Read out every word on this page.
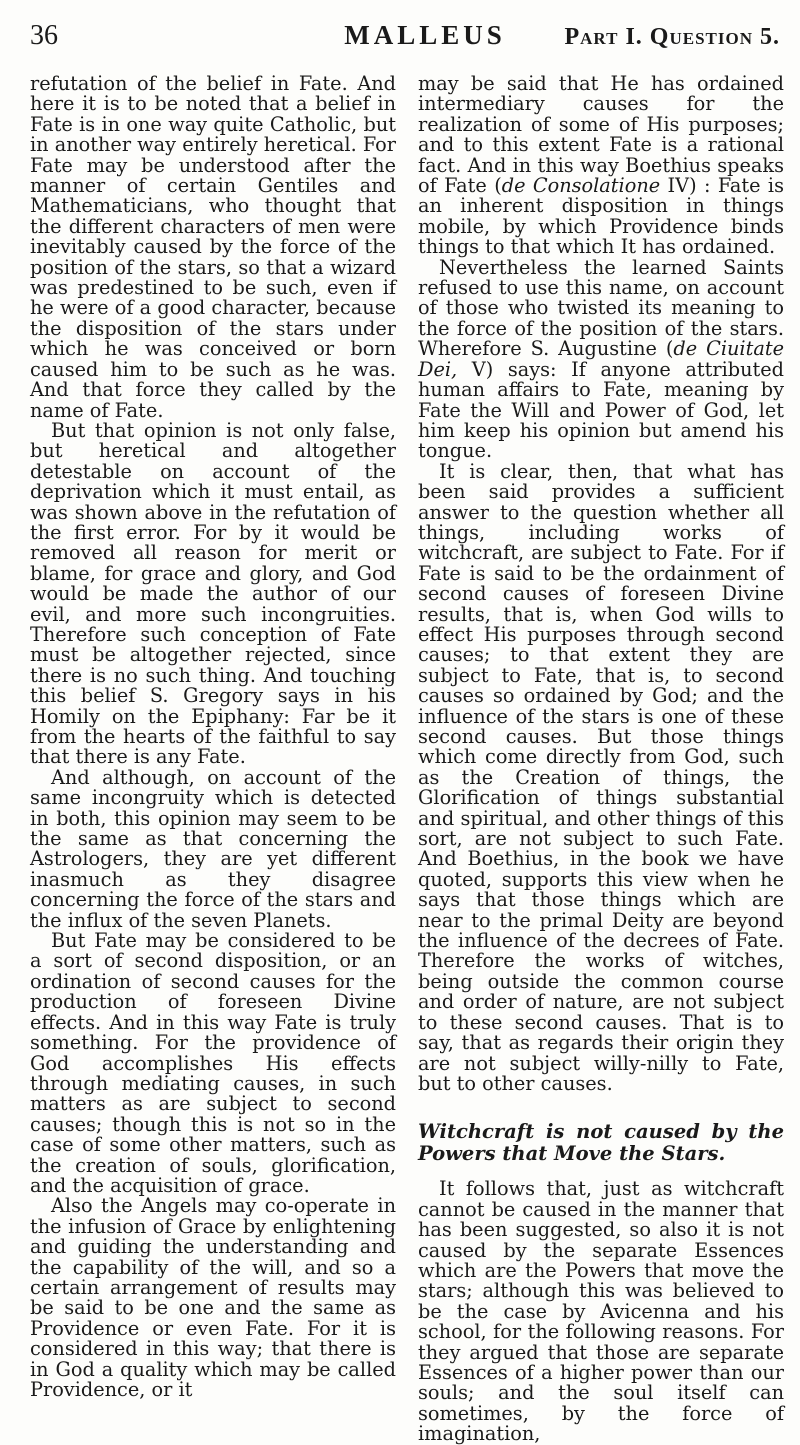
36	MALLEUS	Part I. Question 5.

refutation of the belief in Fate. And here it is to be noted that a belief in Fate is in one way quite Catholic, but in another way entirely heretical. For Fate may be understood after the manner of certain Gentiles and Mathematicians, who thought that the different characters of men were inevitably caused by the force of the position of the stars, so that a wizard was predestined to be such, even if he were of a good character, because the disposition of the stars under which he was conceived or born caused him to be such as he was. And that force they called by the name of Fate.

But that opinion is not only false, but heretical and altogether detestable on account of the deprivation which it must entail, as was shown above in the refutation of the first error. For by it would be removed all reason for merit or blame, for grace and glory, and God would be made the author of our evil, and more such incongruities. Therefore such conception of Fate must be altogether rejected, since there is no such thing. And touching this belief S. Gregory says in his Homily on the Epiphany: Far be it from the hearts of the faithful to say that there is any Fate.

And although, on account of the same incongruity which is detected in both, this opinion may seem to be the same as that concerning the Astrologers, they are yet different inasmuch as they disagree concerning the force of the stars and the influx of the seven Planets.

But Fate may be considered to be a sort of second disposition, or an ordination of second causes for the production of foreseen Divine effects. And in this way Fate is truly something. For the providence of God accomplishes His effects through mediating causes, in such matters as are subject to second causes; though this is not so in the case of some other matters, such as the creation of souls, glorification, and the acquisition of grace.

Also the Angels may co-operate in the infusion of Grace by enlightening and guiding the understanding and the capability of the will, and so a certain arrangement of results may be said to be one and the same as Providence or even Fate. For it is considered in this way; that there is in God a quality which may be called Providence, or it

may be said that He has ordained intermediary causes for the realization of some of His purposes; and to this extent Fate is a rational fact. And in this way Boethius speaks of Fate (de Consolatione IV) : Fate is an inherent disposition in things mobile, by which Providence binds things to that which It has ordained.

Nevertheless the learned Saints refused to use this name, on account of those who twisted its meaning to the force of the position of the stars. Wherefore S. Augustine (de Ciuitate Dei, V) says: If anyone attributed human affairs to Fate, meaning by Fate the Will and Power of God, let him keep his opinion but amend his tongue.

It is clear, then, that what has been said provides a sufficient answer to the question whether all things, including works of witchcraft, are subject to Fate. For if Fate is said to be the ordainment of second causes of foreseen Divine results, that is, when God wills to effect His purposes through second causes; to that extent they are subject to Fate, that is, to second causes so ordained by God; and the influence of the stars is one of these second causes. But those things which come directly from God, such as the Creation of things, the Glorification of things substantial and spiritual, and other things of this sort, are not subject to such Fate. And Boethius, in the book we have quoted, supports this view when he says that those things which are near to the primal Deity are beyond the influence of the decrees of Fate. Therefore the works of witches, being outside the common course and order of nature, are not subject to these second causes. That is to say, that as regards their origin they are not subject willy-nilly to Fate, but to other causes.

Witchcraft is not caused by the Powers that Move the Stars.

It follows that, just as witchcraft cannot be caused in the manner that has been suggested, so also it is not caused by the separate Essences which are the Powers that move the stars; although this was believed to be the case by Avicenna and his school, for the following reasons. For they argued that those are separate Essences of a higher power than our souls; and the soul itself can sometimes, by the force of imagination,
